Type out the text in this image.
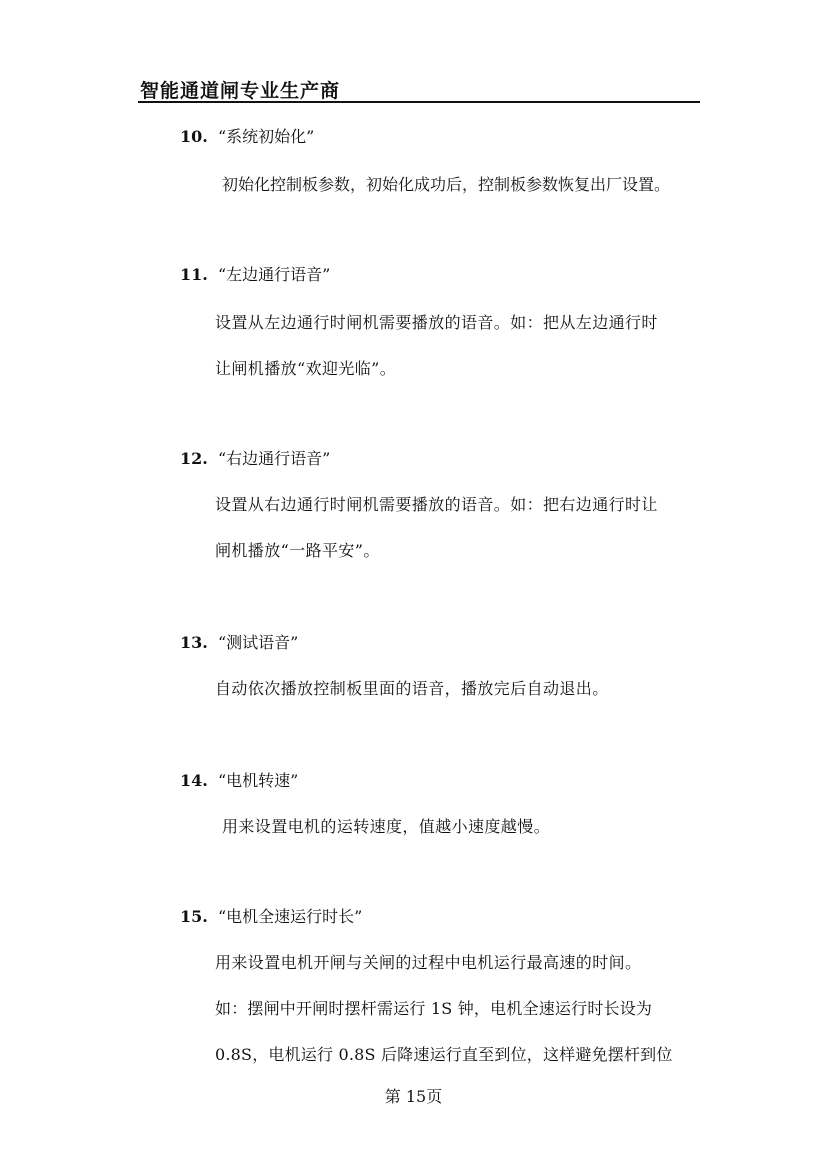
智能通道闸专业生产商
10. “系统初始化”
初始化控制板参数，初始化成功后，控制板参数恢复出厂设置。
11. “左边通行语音”
设置从左边通行时闸机需要播放的语音。如：把从左边通行时
让闸机播放“欢迎光临”。
12. “右边通行语音”
设置从右边通行时闸机需要播放的语音。如：把右边通行时让
闸机播放“一路平安”。
13. “测试语音”
自动依次播放控制板里面的语音，播放完后自动退出。
14. “电机转速”
用来设置电机的运转速度，值越小速度越慢。
15. “电机全速运行时长”
用来设置电机开闸与关闸的过程中电机运行最高速的时间。
如：摆闸中开闸时摆杆需运行 1S 钟，电机全速运行时长设为
0.8S，电机运行 0.8S 后降速运行直至到位，这样避免摆杆到位
第 15页
